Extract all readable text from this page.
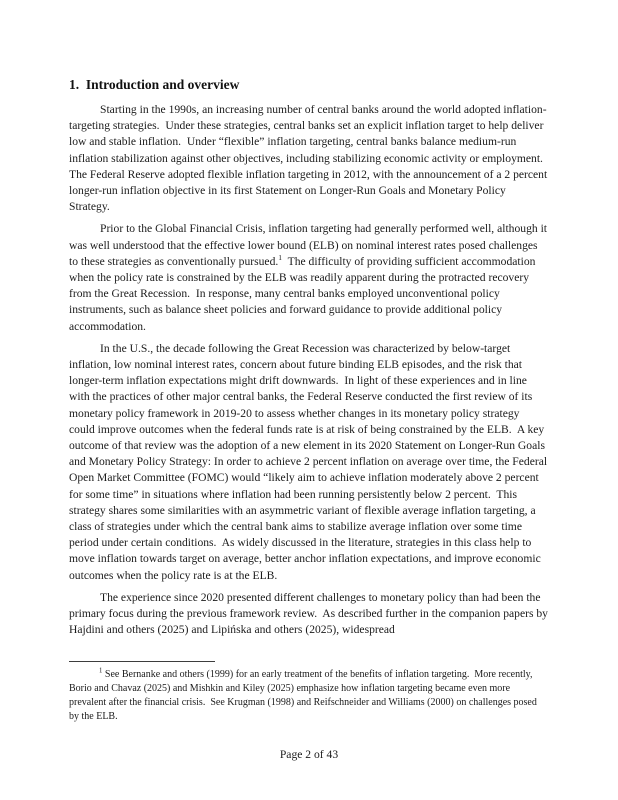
1.  Introduction and overview

Starting in the 1990s, an increasing number of central banks around the world adopted inflation-targeting strategies.  Under these strategies, central banks set an explicit inflation target to help deliver low and stable inflation.  Under “flexible” inflation targeting, central banks balance medium-run inflation stabilization against other objectives, including stabilizing economic activity or employment.  The Federal Reserve adopted flexible inflation targeting in 2012, with the announcement of a 2 percent longer-run inflation objective in its first Statement on Longer-Run Goals and Monetary Policy Strategy.

Prior to the Global Financial Crisis, inflation targeting had generally performed well, although it was well understood that the effective lower bound (ELB) on nominal interest rates posed challenges to these strategies as conventionally pursued.$^1$  The difficulty of providing sufficient accommodation when the policy rate is constrained by the ELB was readily apparent during the protracted recovery from the Great Recession.  In response, many central banks employed unconventional policy instruments, such as balance sheet policies and forward guidance to provide additional policy accommodation.

In the U.S., the decade following the Great Recession was characterized by below-target inflation, low nominal interest rates, concern about future binding ELB episodes, and the risk that longer-term inflation expectations might drift downwards.  In light of these experiences and in line with the practices of other major central banks, the Federal Reserve conducted the first review of its monetary policy framework in 2019-20 to assess whether changes in its monetary policy strategy could improve outcomes when the federal funds rate is at risk of being constrained by the ELB.  A key outcome of that review was the adoption of a new element in its 2020 Statement on Longer-Run Goals and Monetary Policy Strategy: In order to achieve 2 percent inflation on average over time, the Federal Open Market Committee (FOMC) would “likely aim to achieve inflation moderately above 2 percent for some time” in situations where inflation had been running persistently below 2 percent.  This strategy shares some similarities with an asymmetric variant of flexible average inflation targeting, a class of strategies under which the central bank aims to stabilize average inflation over some time period under certain conditions.  As widely discussed in the literature, strategies in this class help to move inflation towards target on average, better anchor inflation expectations, and improve economic outcomes when the policy rate is at the ELB.

The experience since 2020 presented different challenges to monetary policy than had been the primary focus during the previous framework review.  As described further in the companion papers by Hajdini and others (2025) and Lipińska and others (2025), widespread

$^1$ See Bernanke and others (1999) for an early treatment of the benefits of inflation targeting.  More recently, Borio and Chavaz (2025) and Mishkin and Kiley (2025) emphasize how inflation targeting became even more prevalent after the financial crisis.  See Krugman (1998) and Reifschneider and Williams (2000) on challenges posed by the ELB.

Page 2 of 43
